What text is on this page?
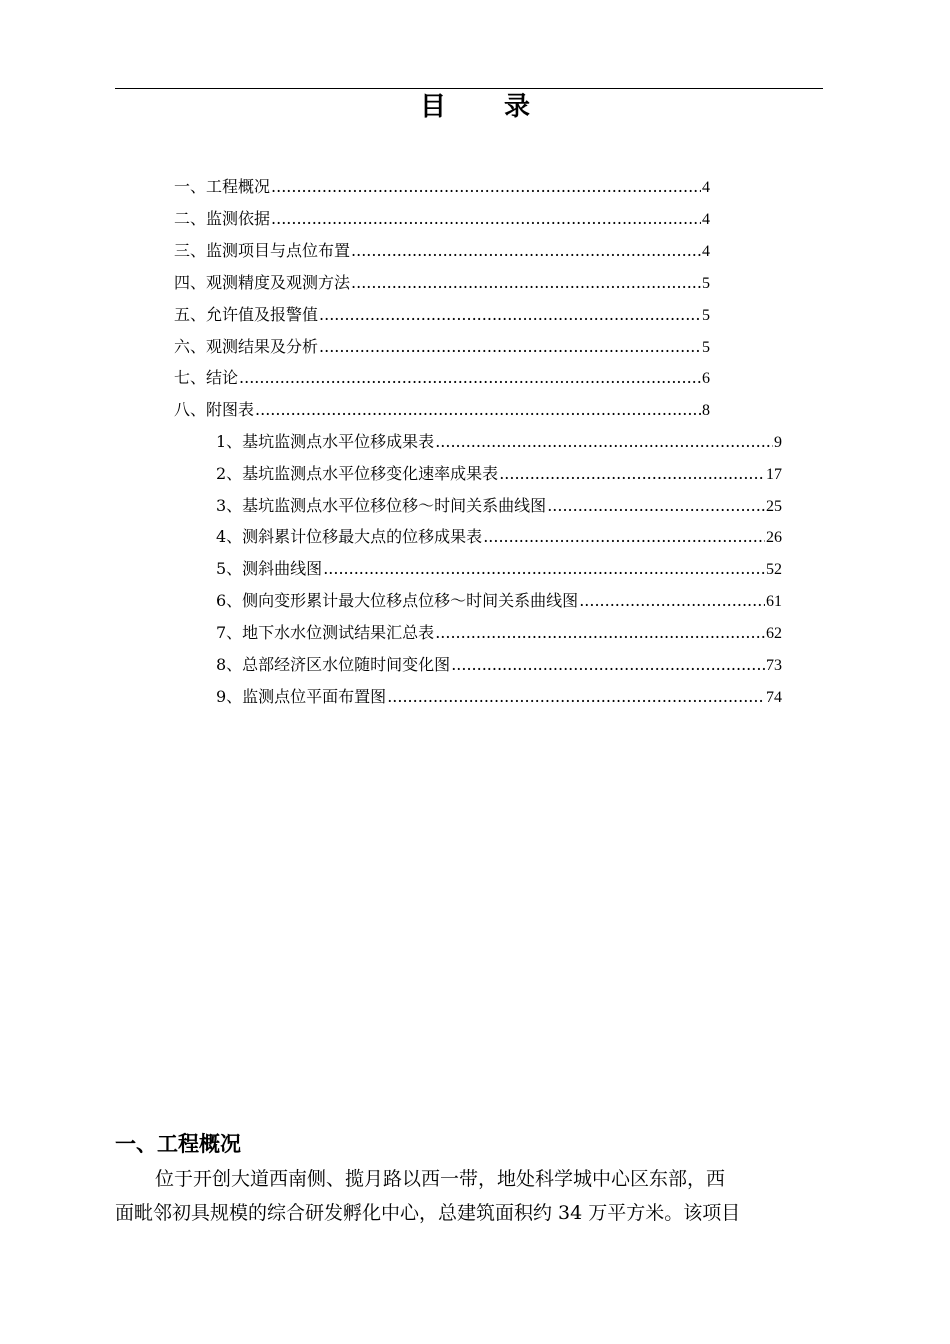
目 录
一、工程概况 .....	4
二、监测依据 .....	4
三、监测项目与点位布置 .....	4
四、观测精度及观测方法 .....	5
五、允许值及报警值 .....	5
六、观测结果及分析 .....	5
七、结论 .....	6
八、附图表 .....	8
1、基坑监测点水平位移成果表 .....	9
2、基坑监测点水平位移变化速率成果表 .....	17
3、基坑监测点水平位移位移～时间关系曲线图 .....	25
4、测斜累计位移最大点的位移成果表 .....	26
5、测斜曲线图 .....	52
6、侧向变形累计最大位移点位移～时间关系曲线图 .....	61
7、地下水水位测试结果汇总表 .....	62
8、总部经济区水位随时间变化图 .....	73
9、监测点位平面布置图 .....	74
一、工程概况
位于开创大道西南侧、揽月路以西一带，地处科学城中心区东部，西
面毗邻初具规模的综合研发孵化中心，总建筑面积约 34 万平方米。该项目
